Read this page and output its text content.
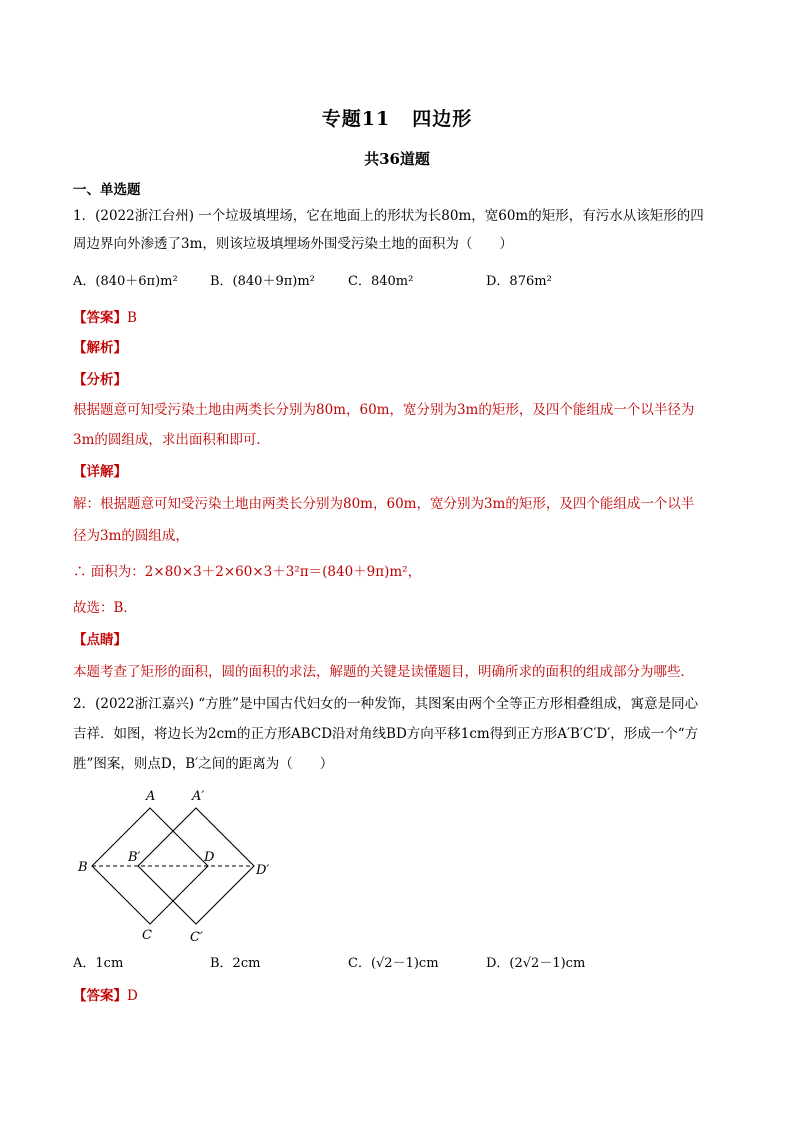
专题11 四边形
共36道题
一、单选题
1．(2022浙江台州) 一个垃圾填埋场，它在地面上的形状为长80m，宽60m的矩形，有污水从该矩形的四
周边界向外渗透了3m，则该垃圾填埋场外围受污染土地的面积为（　　）
A．(840＋6π)m² B．(840＋9π)m²	C．840m²	D．876m²
【答案】B
【解析】
【分析】
根据题意可知受污染土地由两类长分别为80m，60m，宽分别为3m的矩形，及四个能组成一个以半径为
3m的圆组成，求出面积和即可．
【详解】
解：根据题意可知受污染土地由两类长分别为80m，60m，宽分别为3m的矩形，及四个能组成一个以半
径为3m的圆组成，
∴ 面积为：2×80×3＋2×60×3＋3²π＝(840＋9π)m²，
故选：B．
【点睛】
本题考查了矩形的面积，圆的面积的求法，解题的关键是读懂题目，明确所求的面积的组成部分为哪些．
2．(2022浙江嘉兴) “方胜”是中国古代妇女的一种发饰，其图案由两个全等正方形相叠组成，寓意是同心
吉祥．如图，将边长为2cm的正方形ABCD沿对角线BD方向平移1cm得到正方形A′B′C′D′，形成一个“方
胜”图案，则点D，B′之间的距离为（　　）
A	A′
B
B′	D
D′
C	C′
A．1cm	B．2cm	C．(√2－1)cm	D．(2√2－1)cm
【答案】D
